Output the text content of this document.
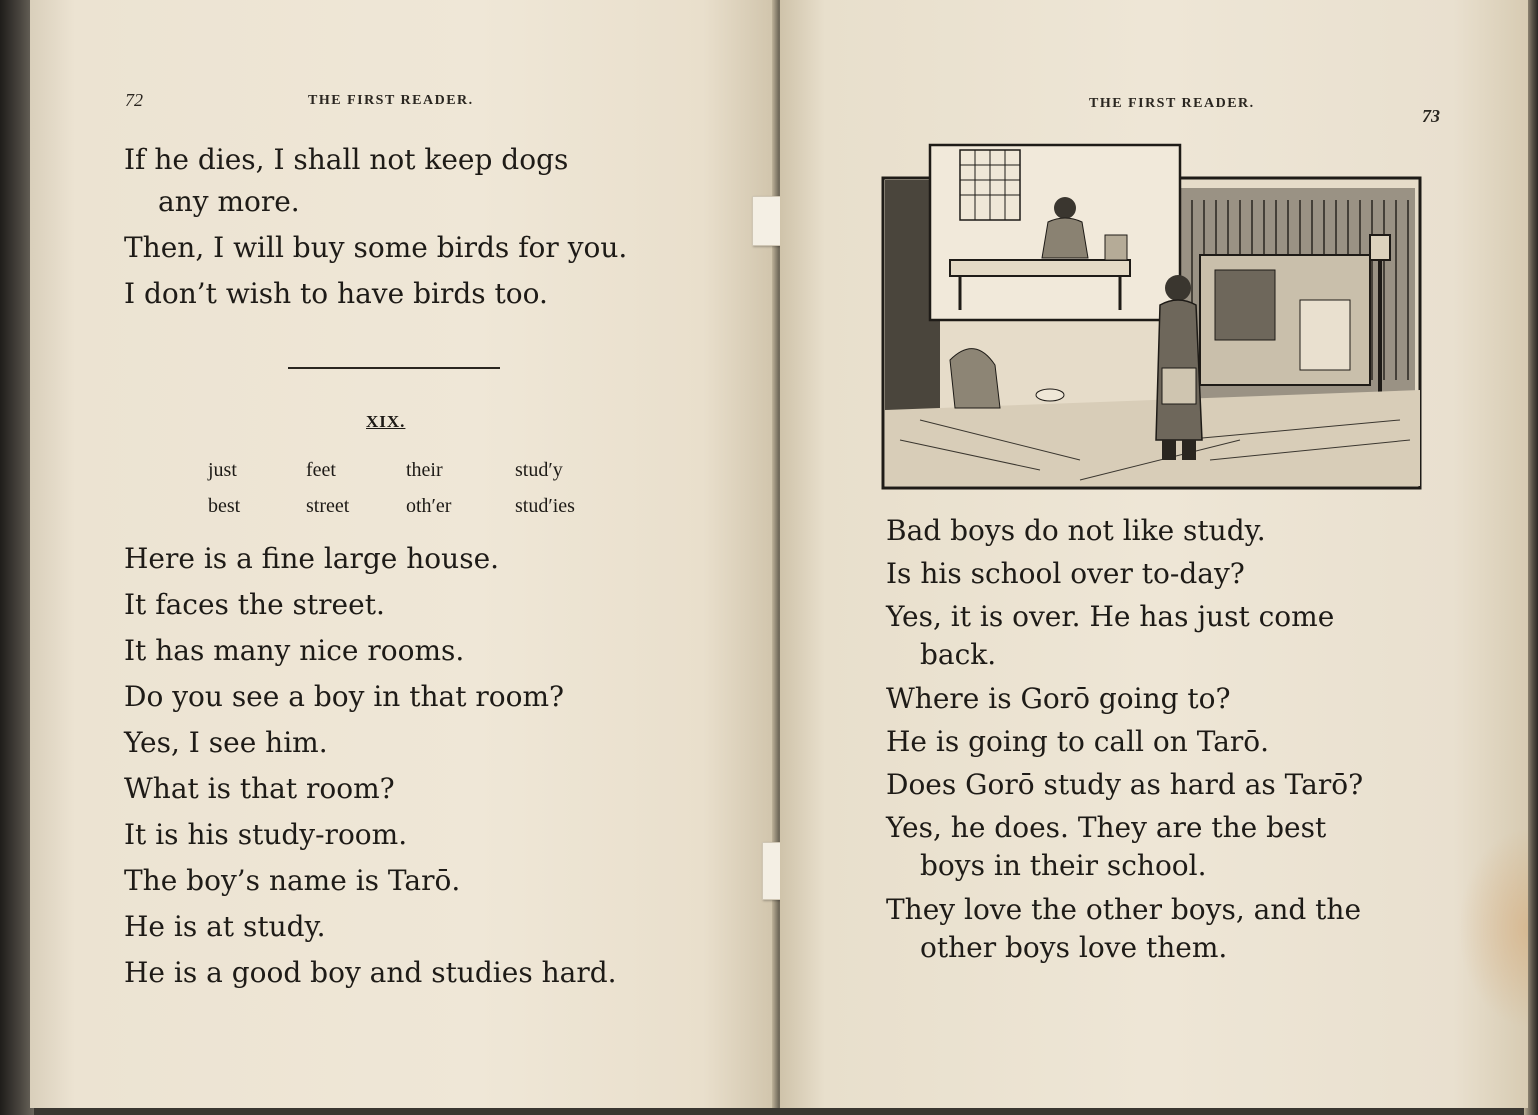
72	THE FIRST READER.

If he dies, I shall not keep dogs

any more.

Then, I will buy some birds for you.

I don’t wish to have birds too.

XIX.
just	feet	their	stud′y
best	street	oth′er	stud′ies

Here is a fine large house.

It faces the street.

It has many nice rooms.

Do you see a boy in that room?

Yes, I see him.

What is that room?

It is his study-room.

The boy’s name is Tarō.

He is at study.

He is a good boy and studies hard.

THE FIRST READER.
73

Bad boys do not like study.

Is his school over to-day?

Yes, it is over. He has just come

back.

Where is Gorō going to?

He is going to call on Tarō.

Does Gorō study as hard as Tarō?

Yes, he does. They are the best

boys in their school.

They love the other boys, and the

other boys love them.
